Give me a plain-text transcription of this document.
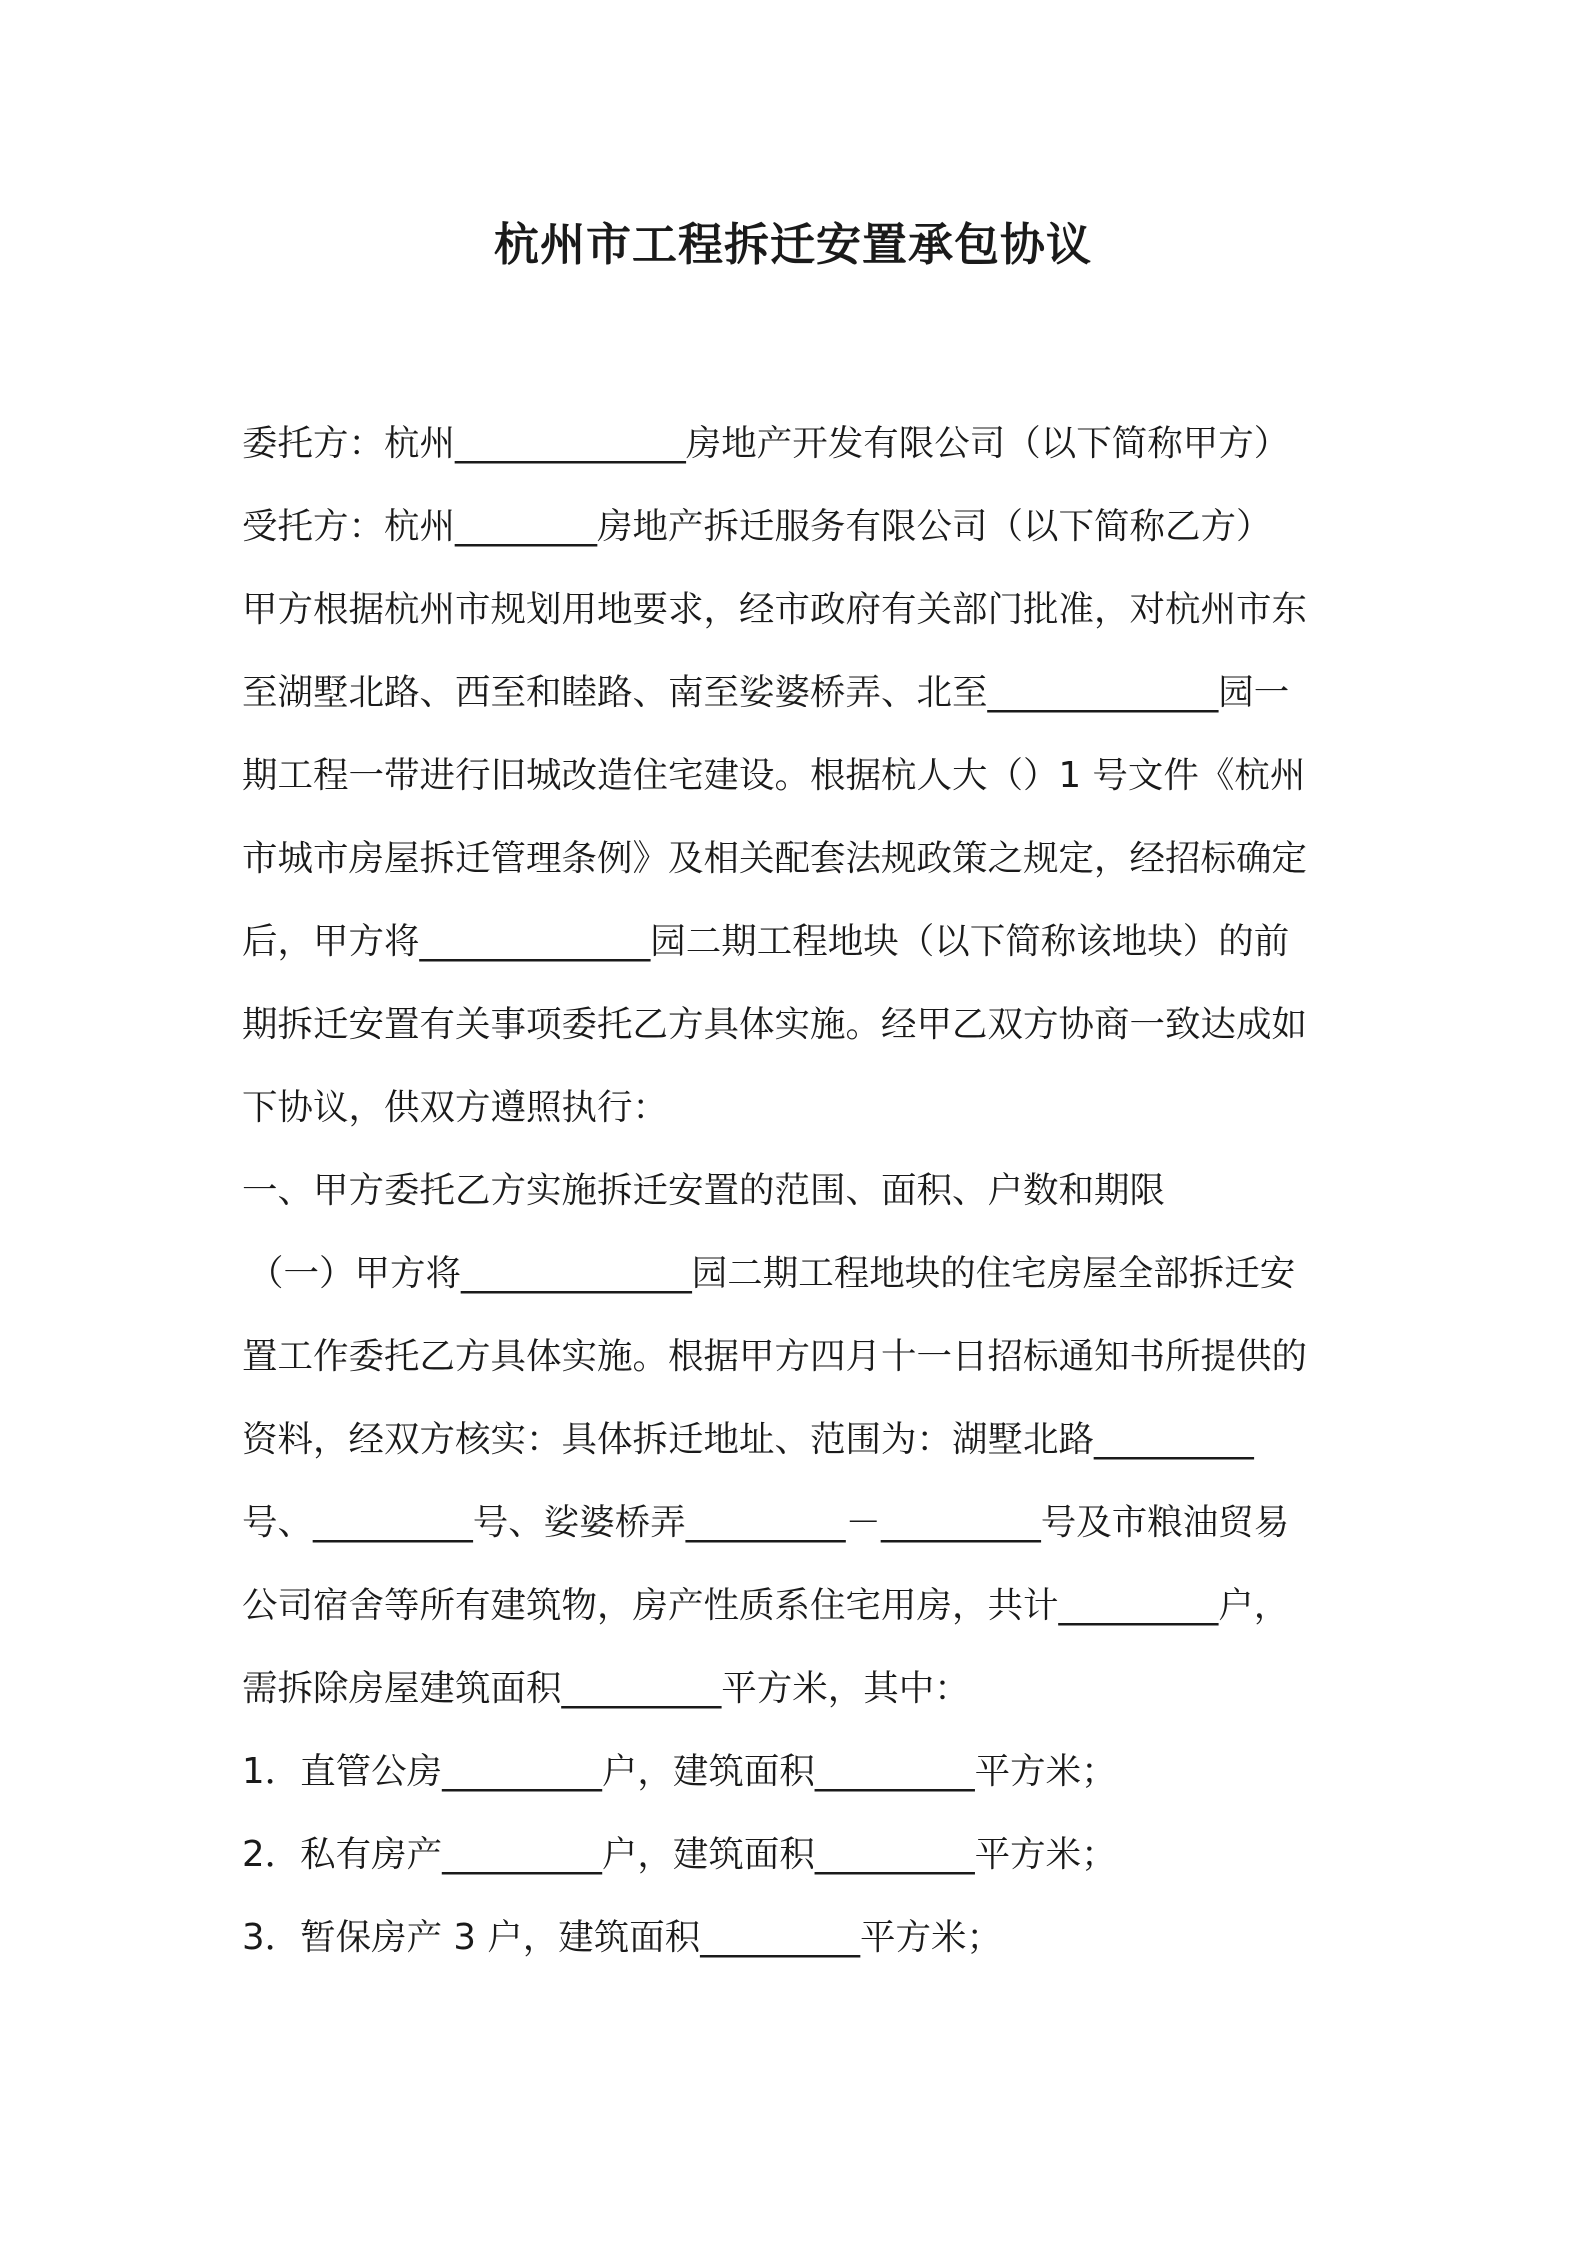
杭州市工程拆迁安置承包协议
委托方：杭州_____________房地产开发有限公司（以下简称甲方）
受托方：杭州________房地产拆迁服务有限公司（以下简称乙方）
甲方根据杭州市规划用地要求，经市政府有关部门批准，对杭州市东
至湖墅北路、西至和睦路、南至娑婆桥弄、北至_____________园一
期工程一带进行旧城改造住宅建设。根据杭人大（）1 号文件《杭州
市城市房屋拆迁管理条例》及相关配套法规政策之规定，经招标确定
后，甲方将_____________园二期工程地块（以下简称该地块）的前
期拆迁安置有关事项委托乙方具体实施。经甲乙双方协商一致达成如
下协议，供双方遵照执行：
一、甲方委托乙方实施拆迁安置的范围、面积、户数和期限
（一）甲方将_____________园二期工程地块的住宅房屋全部拆迁安
置工作委托乙方具体实施。根据甲方四月十一日招标通知书所提供的
资料，经双方核实：具体拆迁地址、范围为：湖墅北路_________
号、_________号、娑婆桥弄_________－_________号及市粮油贸易
公司宿舍等所有建筑物，房产性质系住宅用房，共计_________户，
需拆除房屋建筑面积_________平方米，其中：
1．直管公房_________户，建筑面积_________平方米；
2．私有房产_________户，建筑面积_________平方米；
3．暂保房产 3 户，建筑面积_________平方米；
